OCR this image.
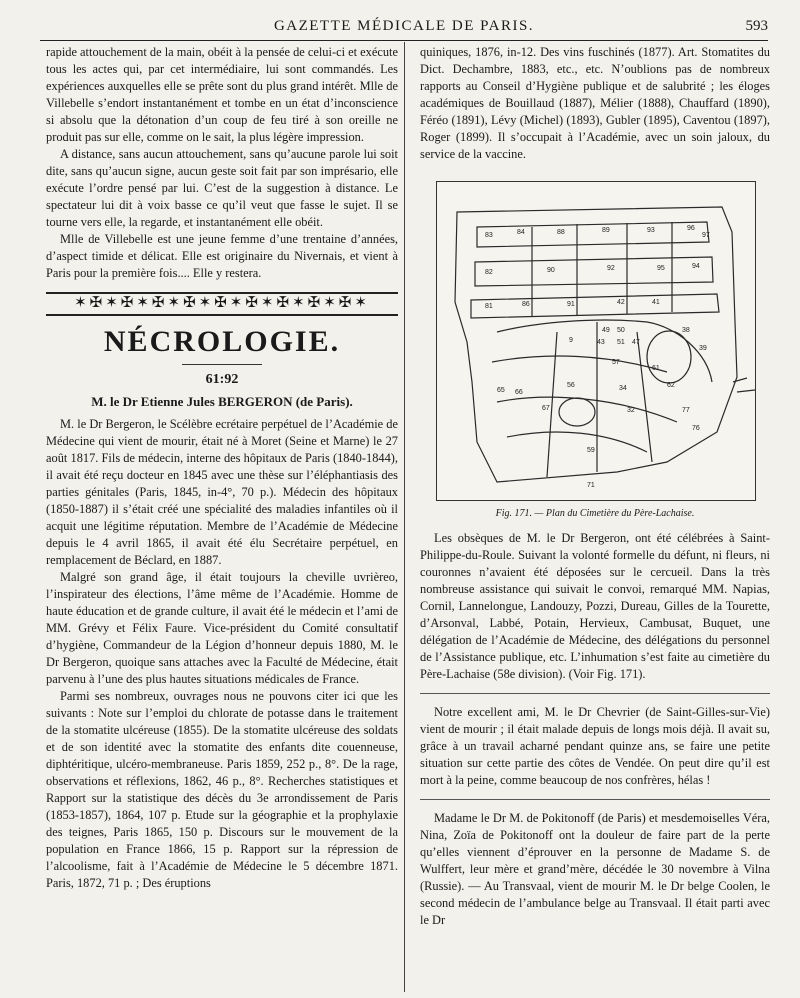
GAZETTE MÉDICALE DE PARIS.	593

rapide attouchement de la main, obéit à la pensée de celui-ci et exécute tous les actes qui, par cet intermédiaire, lui sont commandés. Les expériences auxquelles elle se prête sont du plus grand intérêt. Mlle de Villebelle s’endort instantanément et tombe en un état d’inconscience si absolu que la détonation d’un coup de feu tiré à son oreille ne produit pas sur elle, comme on le sait, la plus légère impression.

A distance, sans aucun attouchement, sans qu’aucune parole lui soit dite, sans qu’aucun signe, aucun geste soit fait par son imprésario, elle exécute l’ordre pensé par lui. C’est de la suggestion à distance. Le spectateur lui dit à voix basse ce qu’il veut que fasse le sujet. Il se tourne vers elle, la regarde, et instantanément elle obéit.

Mlle de Villebelle est une jeune femme d’une trentaine d’années, d’aspect timide et délicat. Elle est originaire du Nivernais, et vient à Paris pour la première fois.... Elle y restera.

✶✠✶✠✶✠✶✠✶✠✶✠✶✠✶✠✶✠✶
NÉCROLOGIE.
61:92
M. le Dr Etienne Jules BERGERON (de Paris).

M. le Dr Bergeron, le Scélèbre ecrétaire perpétuel de l’Académie de Médecine qui vient de mourir, était né à Moret (Seine et Marne) le 27 août 1817. Fils de médecin, interne des hôpitaux de Paris (1840-1844), il avait été reçu docteur en 1845 avec une thèse sur l’éléphantiasis des parties génitales (Paris, 1845, in-4°, 70 p.). Médecin des hôpitaux (1850-1887) il s’était créé une spécialité des maladies infantiles où il acquit une légitime réputation. Membre de l’Académie de Médecine depuis le 4 avril 1865, il avait été élu Secrétaire perpétuel, en remplacement de Béclard, en 1887.

Malgré son grand âge, il était toujours la cheville uvrièreo, l’inspirateur des élections, l’âme même de l’Académie. Homme de haute éducation et de grande culture, il avait été le médecin et l’ami de MM. Grévy et Félix Faure. Vice-président du Comité consultatif d’hygiène, Commandeur de la Légion d’honneur depuis 1880, M. le Dr Bergeron, quoique sans attaches avec la Faculté de Médecine, était parvenu à l’une des plus hautes situations médicales de France.

Parmi ses nombreux, ouvrages nous ne pouvons citer ici que les suivants : Note sur l’emploi du chlorate de potasse dans le traitement de la stomatite ulcéreuse (1855). De la stomatite ulcéreuse des soldats et de son identité avec la stomatite des enfants dite couenneuse, diphtéritique, ulcéro-membraneuse. Paris 1859, 252 p., 8°. De la rage, observations et réflexions, 1862, 46 p., 8°. Recherches statistiques et Rapport sur la statistique des décès du 3e arrondissement de Paris (1853-1857), 1864, 107 p. Etude sur la géographie et la prophylaxie des teignes, Paris 1865, 150 p. Discours sur le mouvement de la population en France 1866, 15 p. Rapport sur la répression de l’alcoolisme, fait à l’Académie de Médecine le 5 décembre 1871. Paris, 1872, 71 p. ; Des éruptions

quiniques, 1876, in-12. Des vins fuschinés (1877). Art. Stomatites du Dict. Dechambre, 1883, etc., etc. N’oublions pas de nombreux rapports au Conseil d’Hygiène publique et de salubrité ; les éloges académiques de Bouillaud (1887), Mélier (1888), Chauffard (1890), Féréo (1891), Lévy (Michel) (1893), Gubler (1895), Caventou (1897), Roger (1899). Il s’occupait à l’Académie, avec un soin jaloux, du service de la vaccine.

83	84	88	89	93	96
97
82	90	92	95	94
81	86	91	42	41
49 50	38
43 51 47
57
65 66
67
56
59
61
62
71
77
76
39
9
34
32
Fig. 171. — Plan du Cimetière du Père-Lachaise.

Les obsèques de M. le Dr Bergeron, ont été célébrées à Saint-Philippe-du-Roule. Suivant la volonté formelle du défunt, ni fleurs, ni couronnes n’avaient été déposées sur le cercueil. Dans la très nombreuse assistance qui suivait le convoi, remarqué MM. Napias, Cornil, Lannelongue, Landouzy, Pozzi, Dureau, Gilles de la Tourette, d’Arsonval, Labbé, Potain, Hervieux, Cambusat, Buquet, une délégation de l’Académie de Médecine, des délégations du personnel de l’Assistance publique, etc. L’inhumation s’est faite au cimetière du Père-Lachaise (58e division). (Voir Fig. 171).

Notre excellent ami, M. le Dr Chevrier (de Saint-Gilles-sur-Vie) vient de mourir ; il était malade depuis de longs mois déjà. Il avait su, grâce à un travail acharné pendant quinze ans, se faire une petite situation sur cette partie des côtes de Vendée. On peut dire qu’il est mort à la peine, comme beaucoup de nos confrères, hélas !

Madame le Dr M. de Pokitonoff (de Paris) et mesdemoiselles Véra, Nina, Zoïa de Pokitonoff ont la douleur de faire part de la perte qu’elles viennent d’éprouver en la personne de Madame S. de Wulffert, leur mère et grand’mère, décédée le 30 novembre à Vilna (Russie). — Au Transvaal, vient de mourir M. le Dr belge Coolen, le second médecin de l’ambulance belge au Transvaal. Il était parti avec le Dr
